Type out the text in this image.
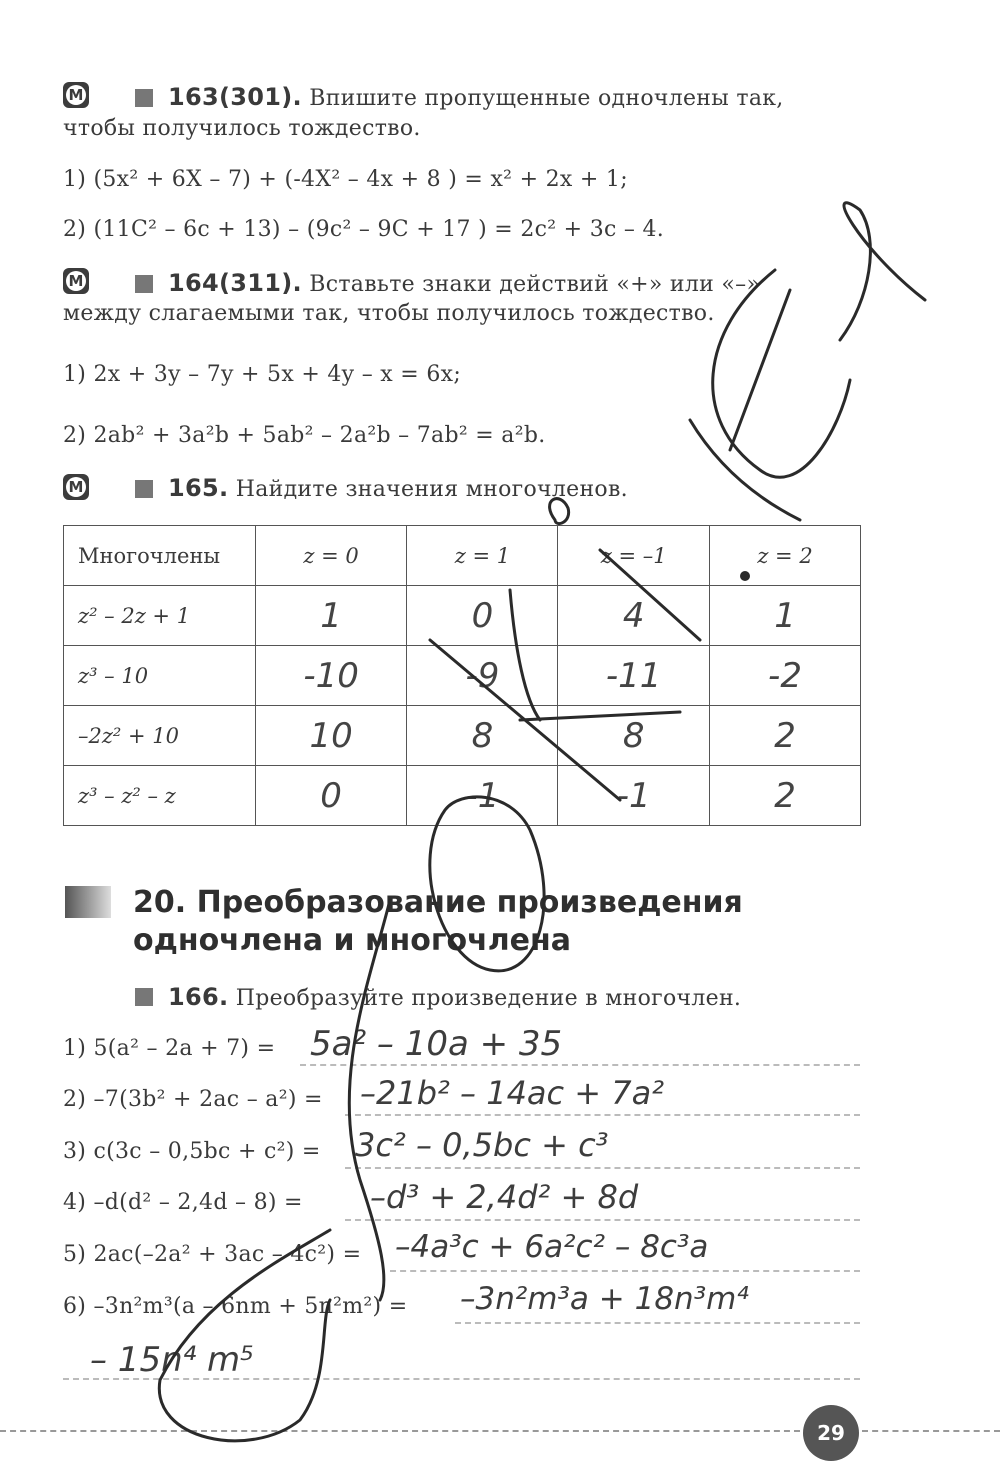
М	163(301). Впишите пропущенные одночлены так,
чтобы получилось тождество.
1) (5x² + 6X – 7) + (-4X² – 4x + 8 ) = x² + 2x + 1;
2) (11C² – 6c + 13) – (9c² – 9C + 17 ) = 2c² + 3c – 4.
М	164(311). Вставьте знаки действий «+» или «–»
между слагаемыми так, чтобы получилось тождество.
1) 2x + 3y – 7y + 5x + 4y – x = 6x;
2) 2ab² + 3a²b + 5ab² – 2a²b – 7ab² = a²b.
М	165. Найдите значения многочленов.
Многочлены	z = 0	z = 1	z = –1	z = 2
z² – 2z + 1	1	0	4	1
z³ – 10	-10	-9	-11	-2
–2z² + 10	10	8	8	2
z³ – z² – z	0	-1	-1	2
20. Преобразование произведения
одночлена и многочлена
166. Преобразуйте произведение в многочлен.
1) 5(a² – 2a + 7) = 5a² – 10a + 35
2) –7(3b² + 2ac – a²) = –21b² – 14ac + 7a²
3) c(3c – 0,5bc + c²) = 3c² – 0,5bc + c³
4) –d(d² – 2,4d – 8) = –d³ + 2,4d² + 8d
5) 2ac(–2a² + 3ac – 4c²) = –4a³c + 6a²c² – 8c³a
6) –3n²m³(a – 6nm + 5n²m²) = –3n²m³a + 18n³m⁴
– 15n⁴ m⁵
29
